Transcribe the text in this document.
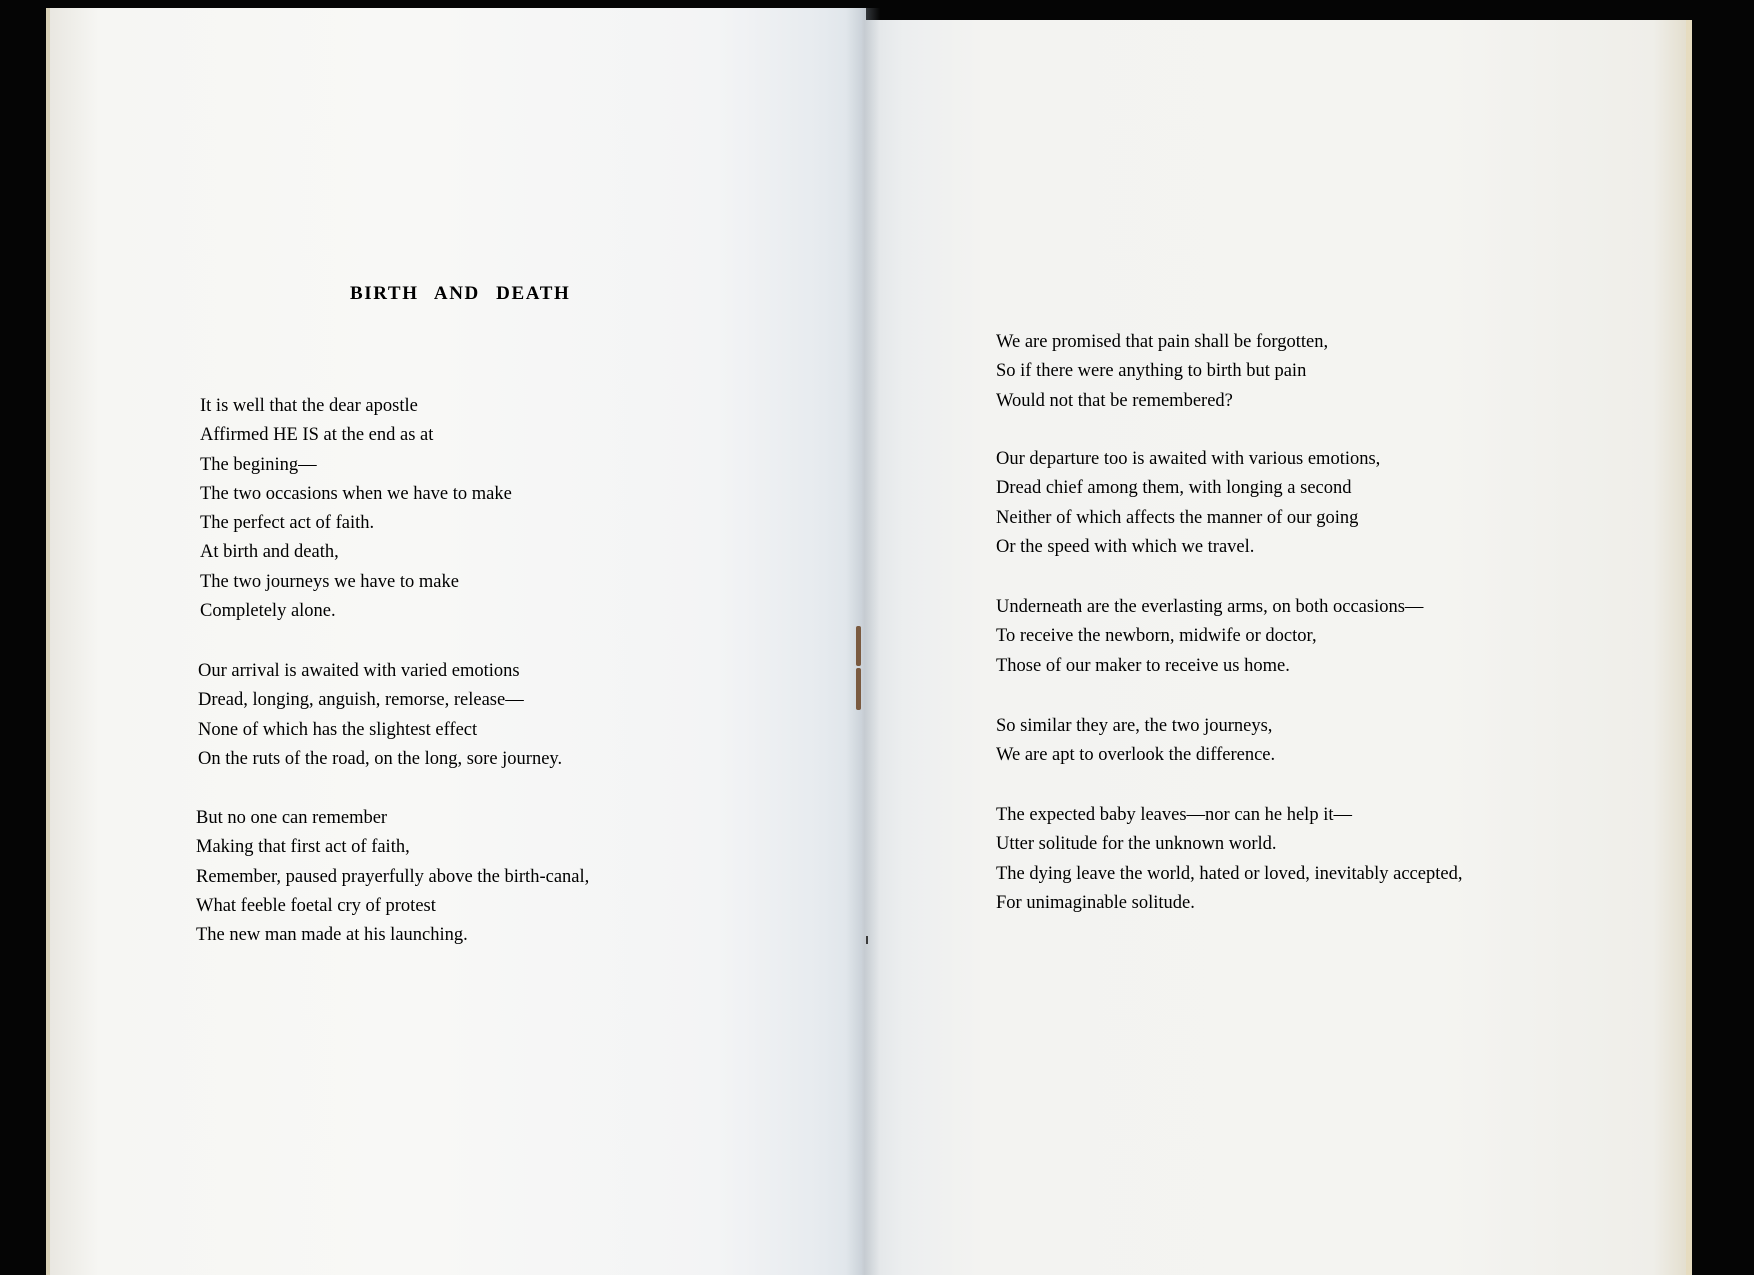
BIRTH AND DEATH

It is well that the dear apostle
Affirmed HE IS at the end as at
The begining—
The two occasions when we have to make
The perfect act of faith.
At birth and death,
The two journeys we have to make
Completely alone.

Our arrival is awaited with varied emotions
Dread, longing, anguish, remorse, release—
None of which has the slightest effect
On the ruts of the road, on the long, sore journey.

But no one can remember
Making that first act of faith,
Remember, paused prayerfully above the birth-canal,
What feeble foetal cry of protest
The new man made at his launching.

We are promised that pain shall be forgotten,
So if there were anything to birth but pain
Would not that be remembered?

Our departure too is awaited with various emotions,
Dread chief among them, with longing a second
Neither of which affects the manner of our going
Or the speed with which we travel.

Underneath are the everlasting arms, on both occasions—
To receive the newborn, midwife or doctor,
Those of our maker to receive us home.

So similar they are, the two journeys,
We are apt to overlook the difference.

The expected baby leaves—nor can he help it—
Utter solitude for the unknown world.
The dying leave the world, hated or loved, inevitably accepted,
For unimaginable solitude.
